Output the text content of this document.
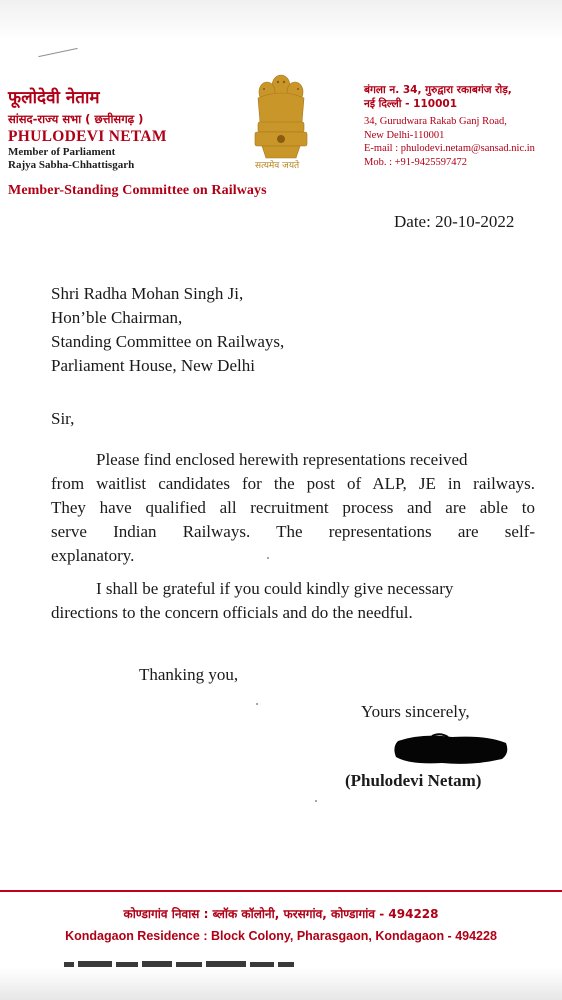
फूलोदेवी नेताम
सांसद-राज्य सभा ( छत्तीसगढ़ )
PHULODEVI NETAM
Member of Parliament
Rajya Sabha-Chhattisgarh
Member-Standing Committee on Railways
सत्यमेव जयते
बंगला न. 34, गुरुद्वारा रकाबगंज रोड़,
नई दिल्ली - 110001
34, Gurudwara Rakab Ganj Road,
New Delhi-110001
E-mail : phulodevi.netam@sansad.nic.in
Mob. : +91-9425597472
Date: 20-10-2022
Shri Radha Mohan Singh Ji,
Hon’ble Chairman,
Standing Committee on Railways,
Parliament House, New Delhi
Sir,
Please find enclosed herewith representations received
from waitlist candidates for the post of ALP, JE in railways.
They have qualified all recruitment process and are able to
serve Indian Railways. The representations are self-
explanatory.
I shall be grateful if you could kindly give necessary
directions to the concern officials and do the needful.
Thanking you,
Yours sincerely,
(Phulodevi Netam)
कोण्डागांव निवास : ब्लॉक कॉलोनी, फरसगांव, कोण्डागांव - 494228
Kondagaon Residence : Block Colony, Pharasgaon, Kondagaon - 494228
